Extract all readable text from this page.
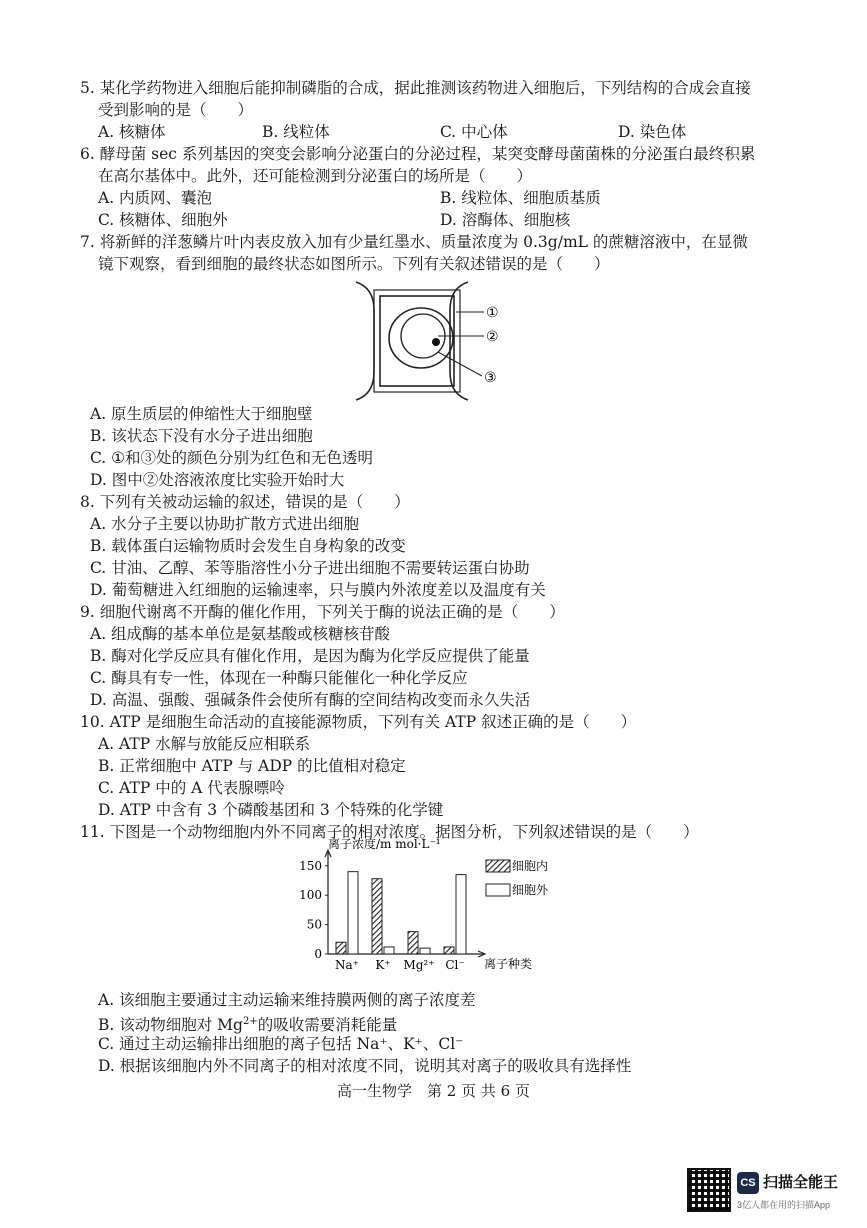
5. 某化学药物进入细胞后能抑制磷脂的合成，据此推测该药物进入细胞后，下列结构的合成会直接
受到影响的是（　　）
A. 核糖体	B. 线粒体	C. 中心体	D. 染色体
6. 酵母菌 sec 系列基因的突变会影响分泌蛋白的分泌过程，某突变酵母菌菌株的分泌蛋白最终积累
在高尔基体中。此外，还可能检测到分泌蛋白的场所是（　　）
A. 内质网、囊泡	B. 线粒体、细胞质基质
C. 核糖体、细胞外	D. 溶酶体、细胞核
7. 将新鲜的洋葱鳞片叶内表皮放入加有少量红墨水、质量浓度为 0.3g/mL 的蔗糖溶液中，在显微
镜下观察，看到细胞的最终状态如图所示。下列有关叙述错误的是（　　）
①
②
③
A. 原生质层的伸缩性大于细胞壁
B. 该状态下没有水分子进出细胞
C. ①和③处的颜色分别为红色和无色透明
D. 图中②处溶液浓度比实验开始时大
8. 下列有关被动运输的叙述，错误的是（　　）
A. 水分子主要以协助扩散方式进出细胞
B. 载体蛋白运输物质时会发生自身构象的改变
C. 甘油、乙醇、苯等脂溶性小分子进出细胞不需要转运蛋白协助
D. 葡萄糖进入红细胞的运输速率，只与膜内外浓度差以及温度有关
9. 细胞代谢离不开酶的催化作用，下列关于酶的说法正确的是（　　）
A. 组成酶的基本单位是氨基酸或核糖核苷酸
B. 酶对化学反应具有催化作用，是因为酶为化学反应提供了能量
C. 酶具有专一性，体现在一种酶只能催化一种化学反应
D. 高温、强酸、强碱条件会使所有酶的空间结构改变而永久失活
10. ATP 是细胞生命活动的直接能源物质，下列有关 ATP 叙述正确的是（　　）
A. ATP 水解与放能反应相联系
B. 正常细胞中 ATP 与 ADP 的比值相对稳定
C. ATP 中的 A 代表腺嘌呤
D. ATP 中含有 3 个磷酸基团和 3 个特殊的化学键
11. 下图是一个动物细胞内外不同离子的相对浓度。据图分析，下列叙述错误的是（　　）
0
50
100
150
Na⁺ K⁺ Mg²⁺ Cl⁻
离子浓度/m mol·L⁻¹
离子种类
细胞内
细胞外
A. 该细胞主要通过主动运输来维持膜两侧的离子浓度差
B. 该动物细胞对 $Mg^{2+}$的吸收需要消耗能量
C. 通过主动运输排出细胞的离子包括 Na⁺、K⁺、Cl⁻
D. 根据该细胞内外不同离子的相对浓度不同，说明其对离子的吸收具有选择性
高一生物学　第 2 页 共 6 页
CS 扫描全能王
3亿人都在用的扫描App
